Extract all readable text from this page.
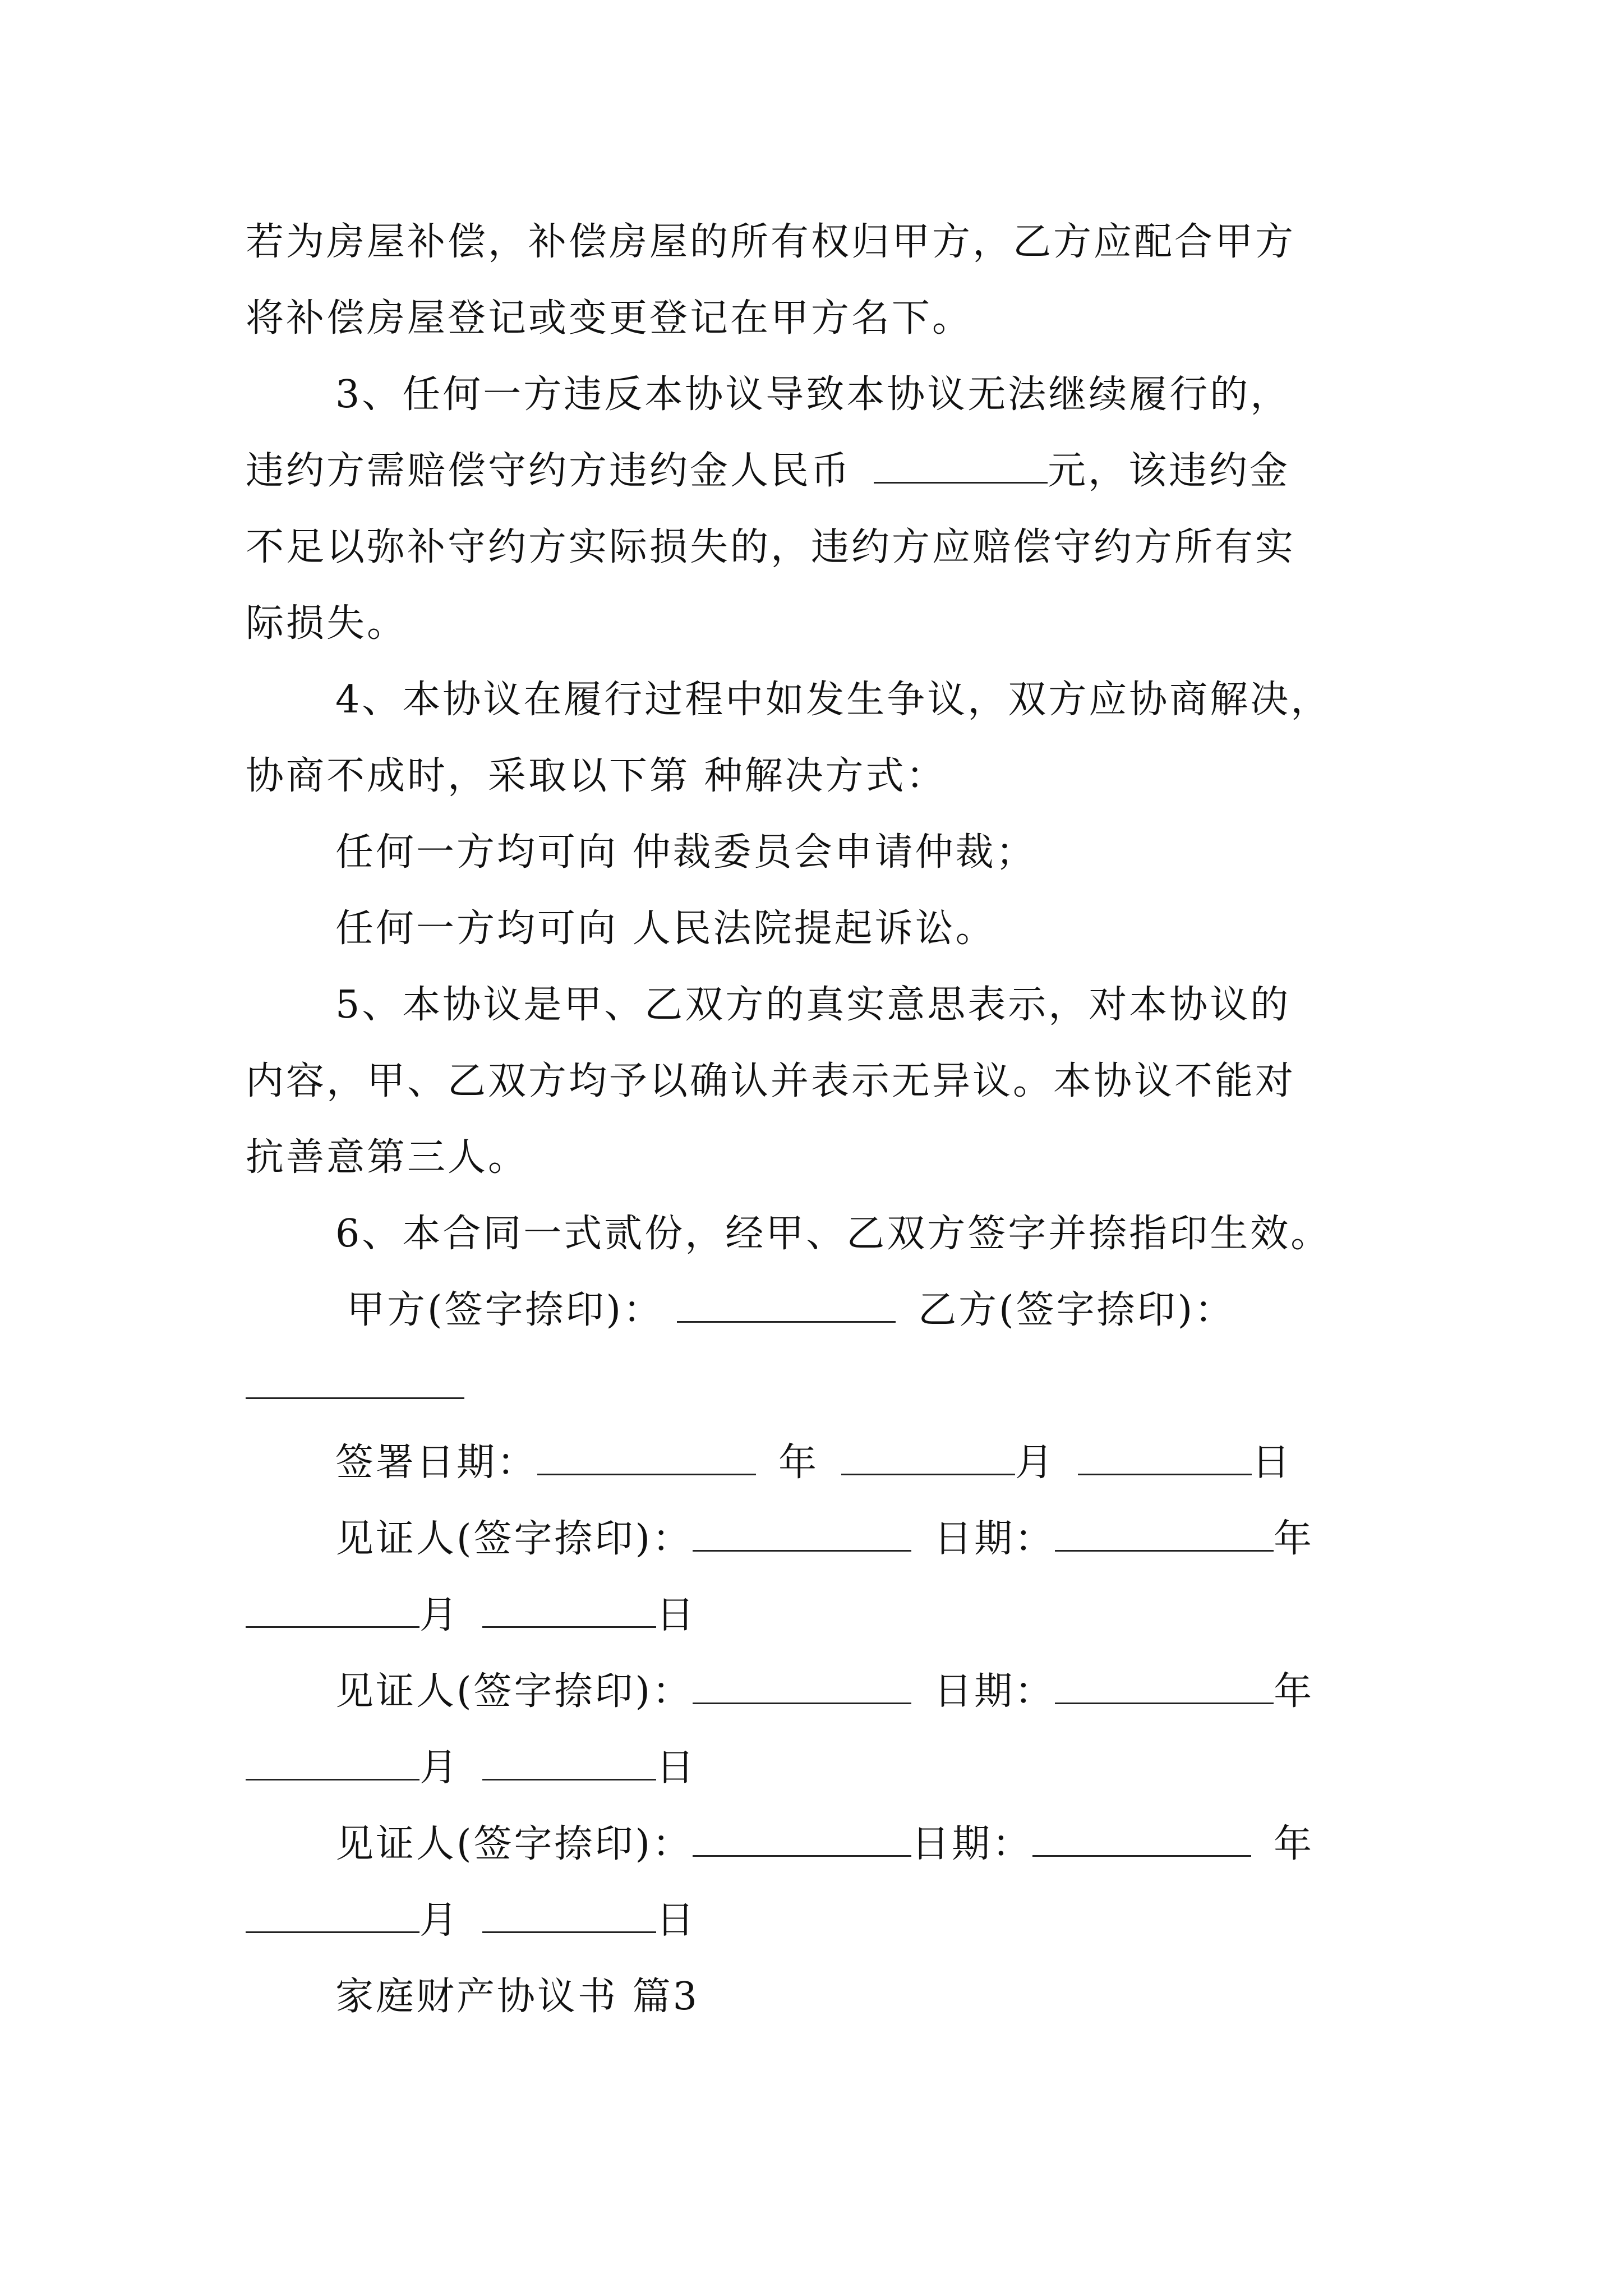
若为房屋补偿，补偿房屋的所有权归甲方，乙方应配合甲方
将补偿房屋登记或变更登记在甲方名下。
3、任何一方违反本协议导致本协议无法继续履行的，
违约方需赔偿守约方违约金人民币	元，该违约金
不足以弥补守约方实际损失的，违约方应赔偿守约方所有实
际损失。
4、本协议在履行过程中如发生争议，双方应协商解决，
协商不成时，采取以下第 种解决方式：
任何一方均可向 仲裁委员会申请仲裁；
任何一方均可向 人民法院提起诉讼。
5、本协议是甲、乙双方的真实意思表示，对本协议的
内容，甲、乙双方均予以确认并表示无异议。本协议不能对
抗善意第三人。
6、本合同一式贰份，经甲、乙双方签字并捺指印生效。
甲方(签字捺印)：	乙方(签字捺印)：
签署日期：	年	月	日
见证人(签字捺印)：	日期：	年
月	日
见证人(签字捺印)：	日期：	年
月	日
见证人(签字捺印)：	日期：	年
月	日
家庭财产协议书 篇3
